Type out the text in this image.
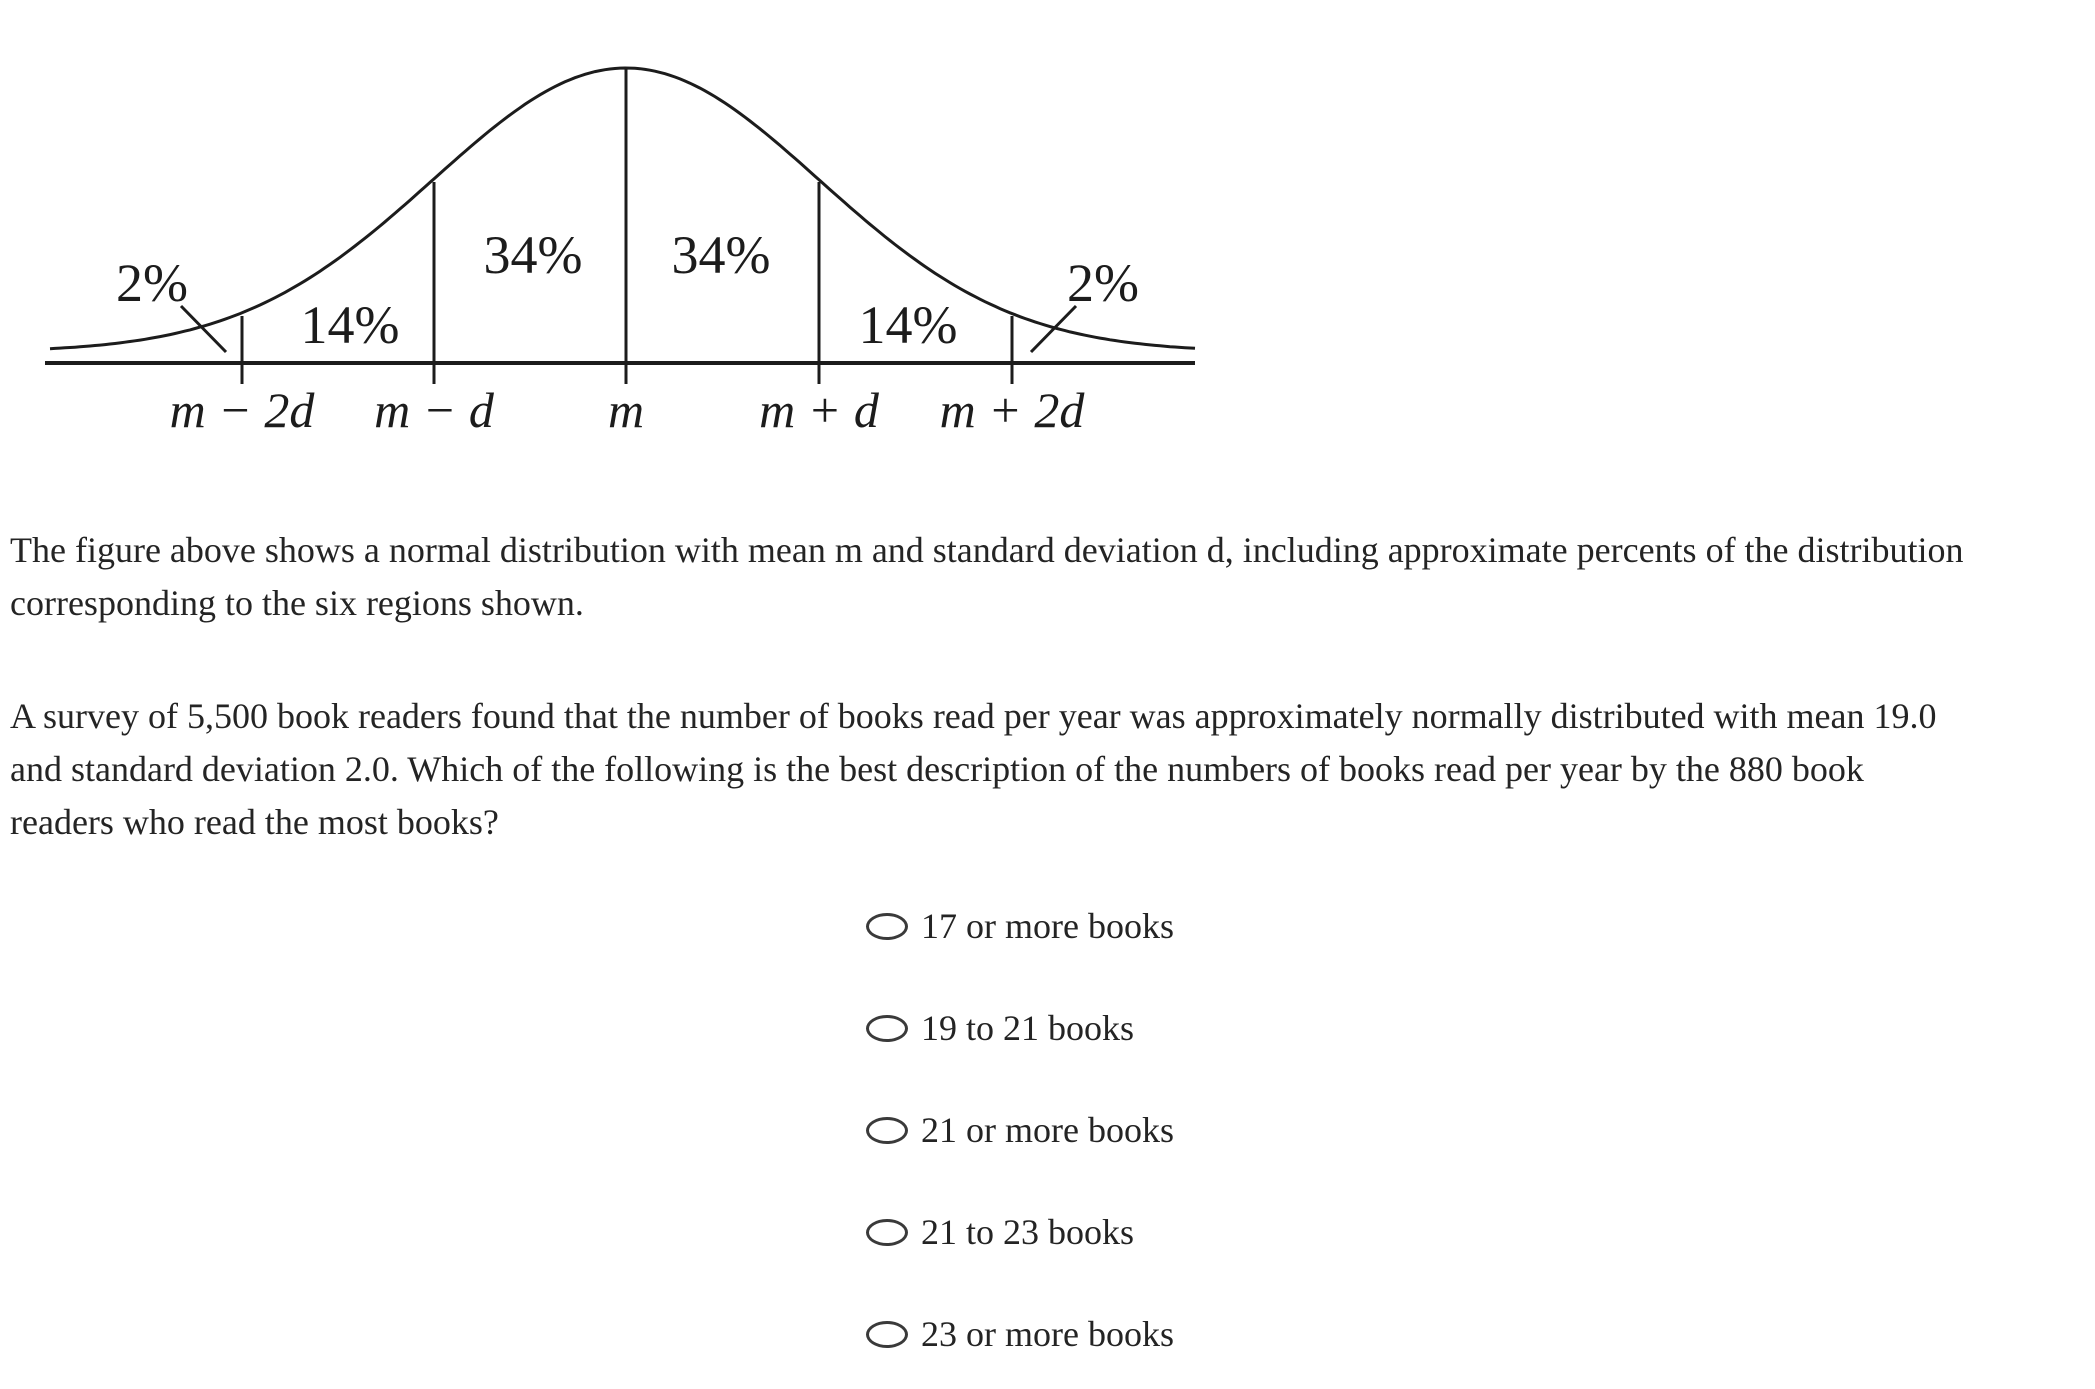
2%
14%
34% 34%
14%
2%
m − 2d m − d m m + d m + 2d
The figure above shows a normal distribution with mean m and standard deviation d, including approximate percents of the distribution
corresponding to the six regions shown.
A survey of 5,500 book readers found that the number of books read per year was approximately normally distributed with mean 19.0
and standard deviation 2.0. Which of the following is the best description of the numbers of books read per year by the 880 book
readers who read the most books?
17 or more books
19 to 21 books
21 or more books
21 to 23 books
23 or more books
